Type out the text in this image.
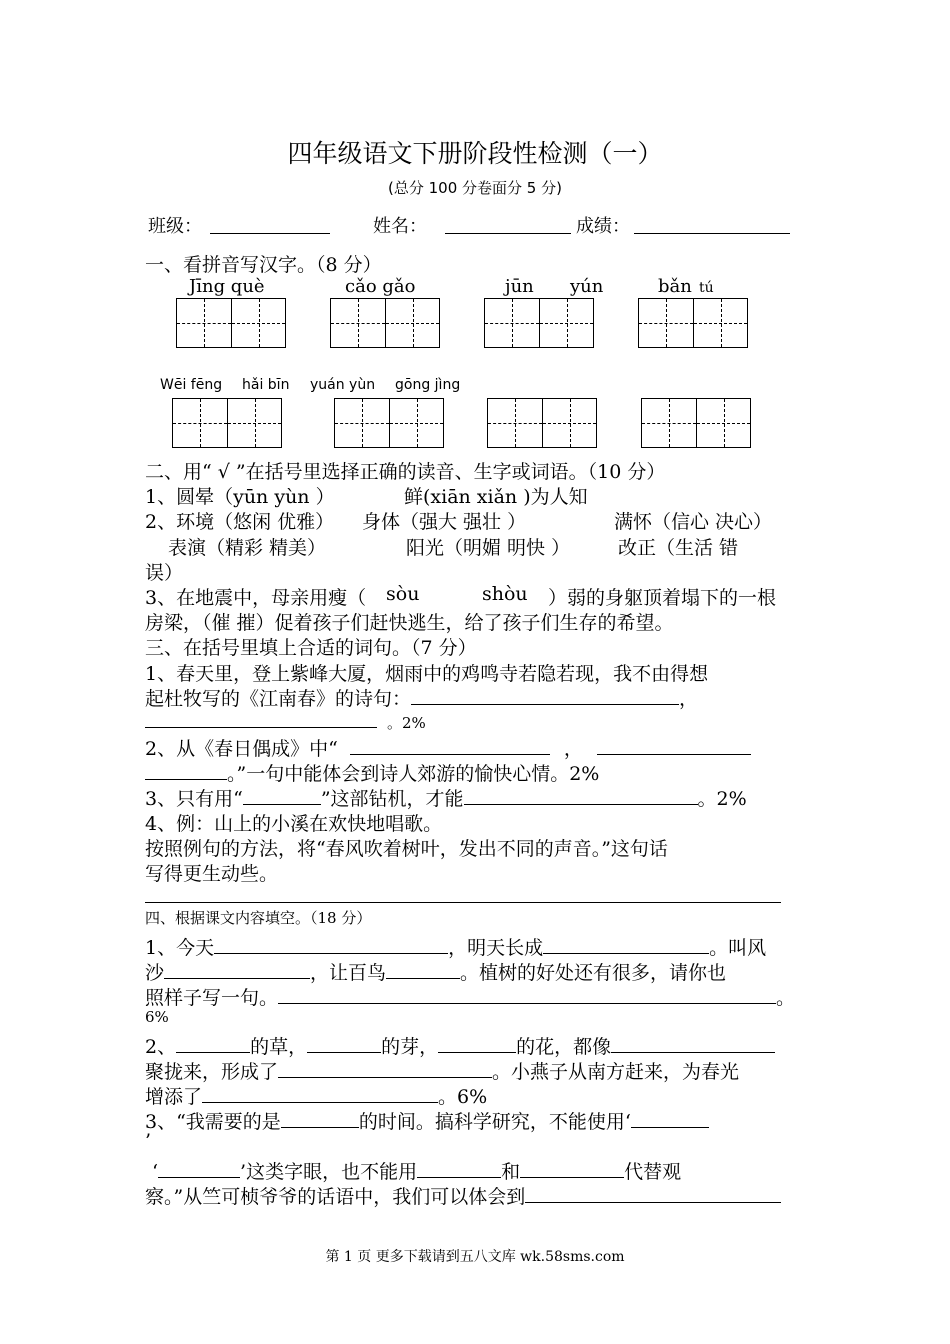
四年级语文下册阶段性检测（一）
(总分 100 分卷面分 5 分)
班级：	姓名：	成绩：
一、看拼音写汉字。（8 分）
Jīng què	cǎo gǎo	jūn yún	bǎn tú
Wēi fēng hǎi bīn yuán yùn gōng jìng
二、用“ √ ”在括号里选择正确的读音、生字或词语。（10 分）
1、圆晕（yūn yùn ）	鲜(xiān xiǎn )为人知
2、环境（悠闲 优雅） 身体（强大 强壮 ）	满怀（信心 决心）
表演（精彩 精美）	阳光（明媚 明快 ）	改正（生活 错
误）
3、在地震中，母亲用瘦（ sòu	shòu ）弱的身躯顶着塌下的一根
房梁，（催 摧）促着孩子们赶快逃生，给了孩子们生存的希望。
三、在括号里填上合适的词句。（7 分）
1、春天里，登上紫峰大厦，烟雨中的鸡鸣寺若隐若现，我不由得想
起杜牧写的《江南春》的诗句：	，
。2%
2、从《春日偶成》中“	，
。”一句中能体会到诗人郊游的愉快心情。2%
3、只有用“	”这部钻机，才能	。2%
4、例：山上的小溪在欢快地唱歌。
按照例句的方法，将“春风吹着树叶，发出不同的声音。”这句话
写得更生动些。
四、根据课文内容填空。（18 分）
1、今天	，明天长成	。叫风
沙	，让百鸟	。植树的好处还有很多，请你也
照样子写一句。	。
6%
2、	的草，	的芽，	的花，都像
聚拢来，形成了	。小燕子从南方赶来，为春光
增添了	。6%
3、“我需要的是	的时间。搞科学研究，不能使用‘
’
‘	’这类字眼，也不能用	和	代替观
察。”从竺可桢爷爷的话语中，我们可以体会到
第 1 页 更多下载请到五八文库 wk.58sms.com
